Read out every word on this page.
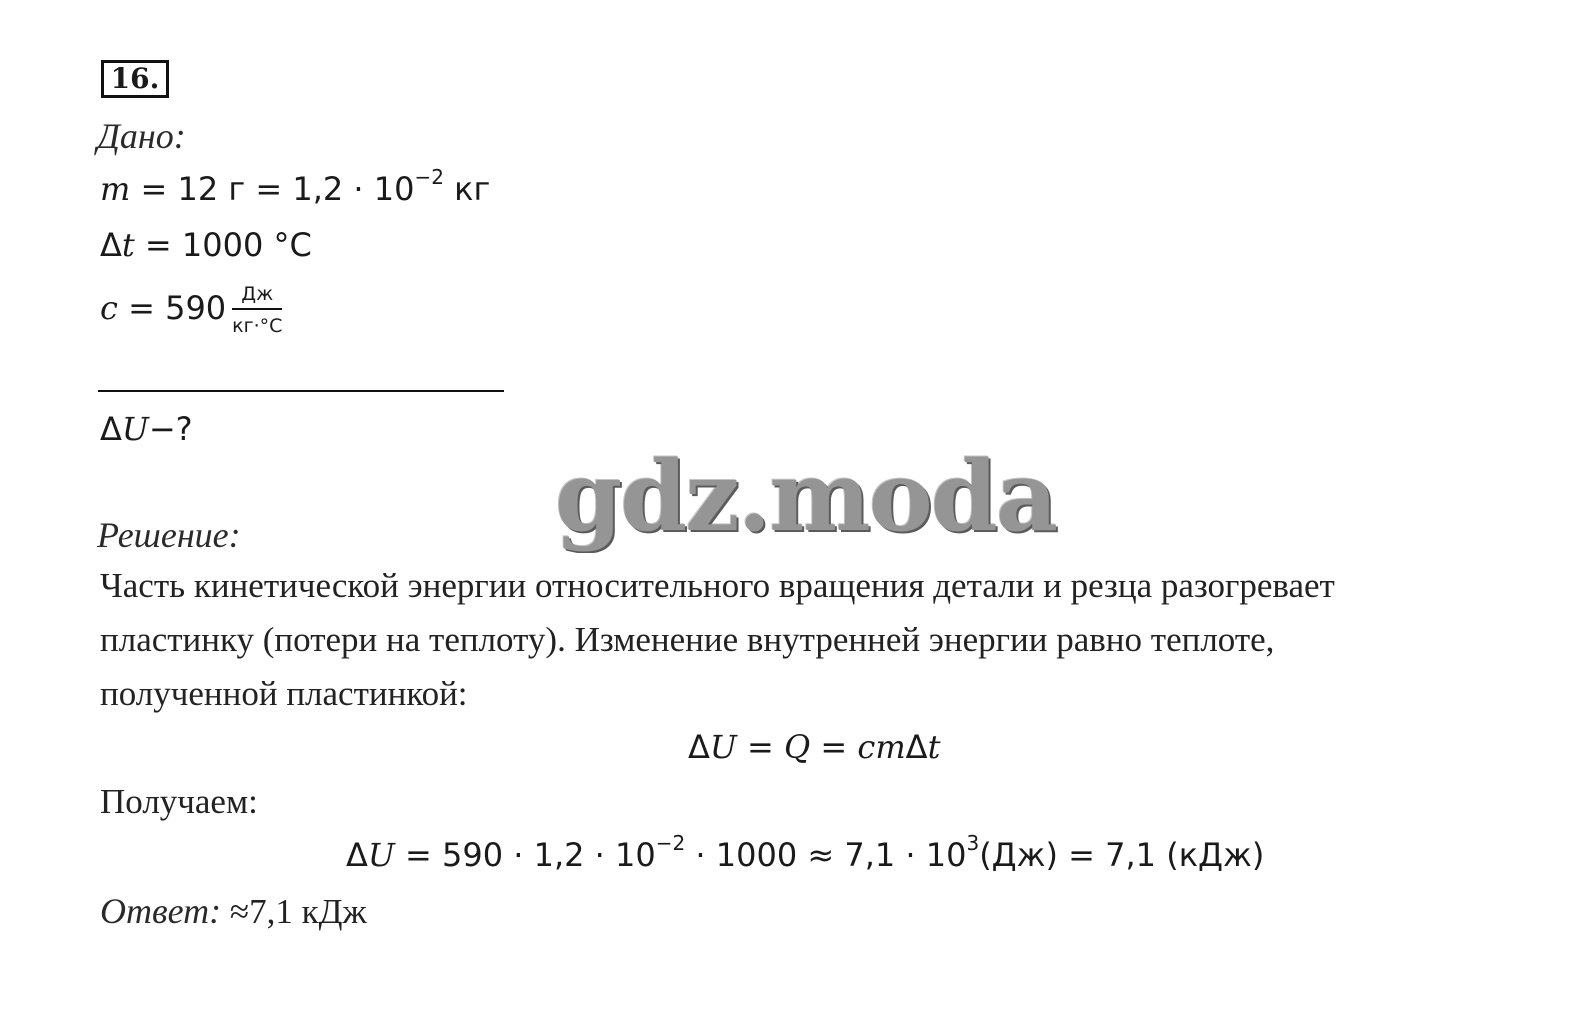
16.
Дано:
m = 12 $г = 1,2 \cdot 10^{-2}$ кг
Δt = 1000 °C
$c = 590 \frac{Дж}{кг\cdot^\circ C}$
ΔU−?
gdz.moda
Решение:
Часть кинетической энергии относительного вращения детали и резца разогревает
пластинку (потери на теплоту). Изменение внутренней энергии равно теплоте,
полученной пластинкой:
ΔU = Q = cmΔt
Получаем:
$\Delta U = 590 \cdot 1,2 \cdot 10^{-2} \cdot 1000 \approx 7,1 \cdot 10^3(Дж) = 7,1$ (кДж)
Ответ: ≈7,1 кДж
